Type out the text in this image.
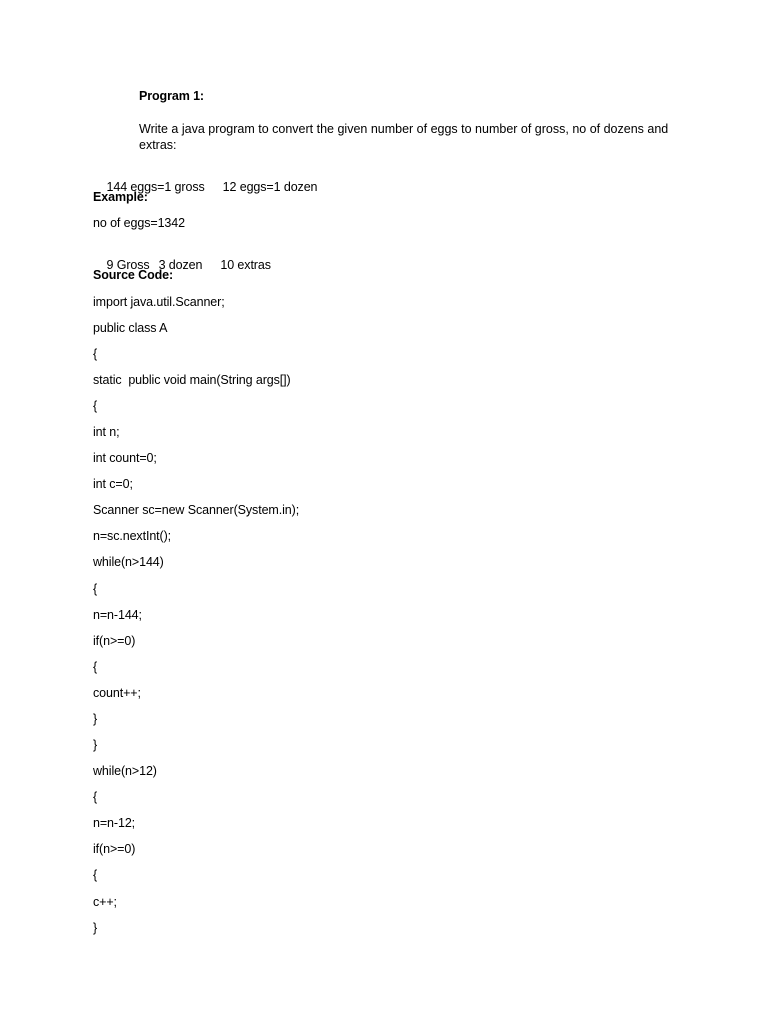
Program 1:
Write a java program to convert the given number of eggs to number of gross, no of dozens and extras:

144 eggs=1 gross 12 eggs=1 dozen

Example:
no of eggs=1342

9 Gross 3 dozen 10 extras

Source Code:
import java.util.Scanner;
public class A
{
static  public void main(String args[])
{
int n;
int count=0;
int c=0;
Scanner sc=new Scanner(System.in);
n=sc.nextInt();
while(n>144)
{
n=n-144;
if(n>=0)
{
count++;
}
}
while(n>12)
{
n=n-12;
if(n>=0)
{
c++;
}
